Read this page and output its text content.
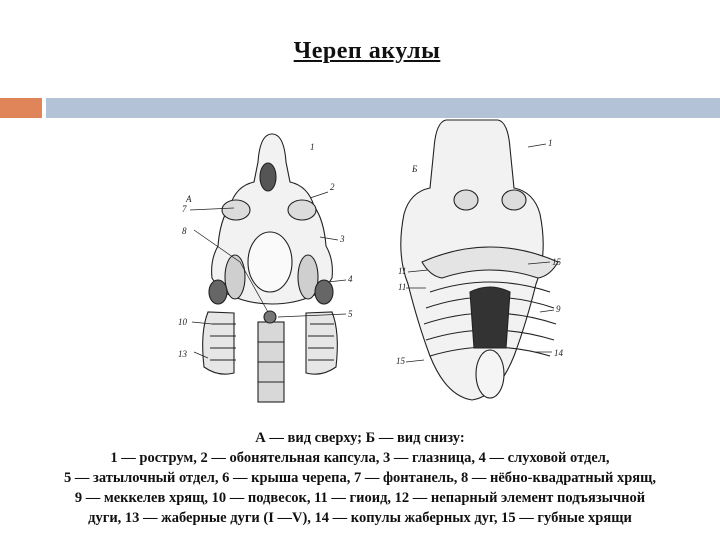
Череп акулы
А
2
3
4
5
1
7
8
10
13
Б
1
9
11
11
15
14
15

А — вид сверху; Б — вид снизу:

1 — рострум, 2 — обонятельная капсула, 3 — глазница, 4 — слуховой отдел,

5 — затылочный отдел, 6 — крыша черепа, 7 — фонтанель, 8 — нёбно-квадратный хрящ,

9 — меккелев хрящ, 10 — подвесок, 11 — гиоид, 12 — непарный элемент подъязычной

дуги, 13 — жаберные дуги (I —V), 14 — копулы жаберных дуг, 15 — губные хрящи
